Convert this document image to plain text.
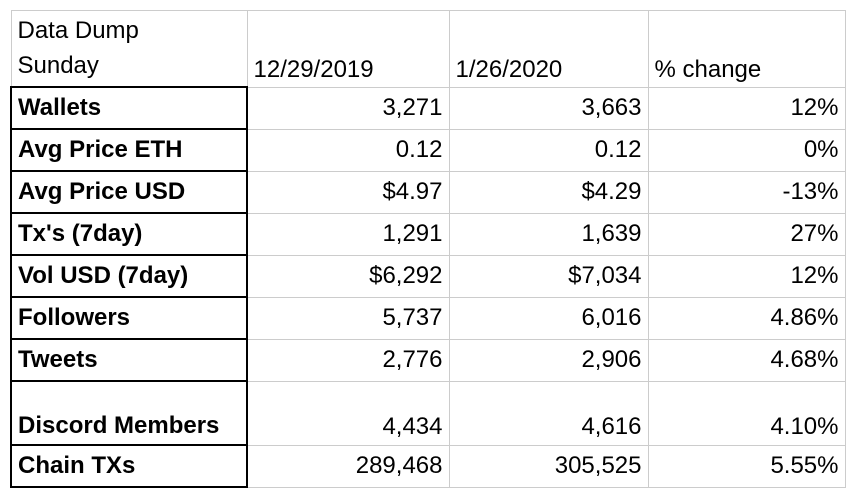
Data Dump
Sunday	12/29/2019	1/26/2020	% change
Wallets	3,271	3,663	12%
Avg Price ETH	0.12	0.12	0%
Avg Price USD	$4.97	$4.29	-13%
Tx's (7day)	1,291	1,639	27%
Vol USD (7day)	$6,292	$7,034	12%
Followers	5,737	6,016	4.86%
Tweets	2,776	2,906	4.68%
Discord Members	4,434	4,616	4.10%
Chain TXs	289,468	305,525	5.55%
